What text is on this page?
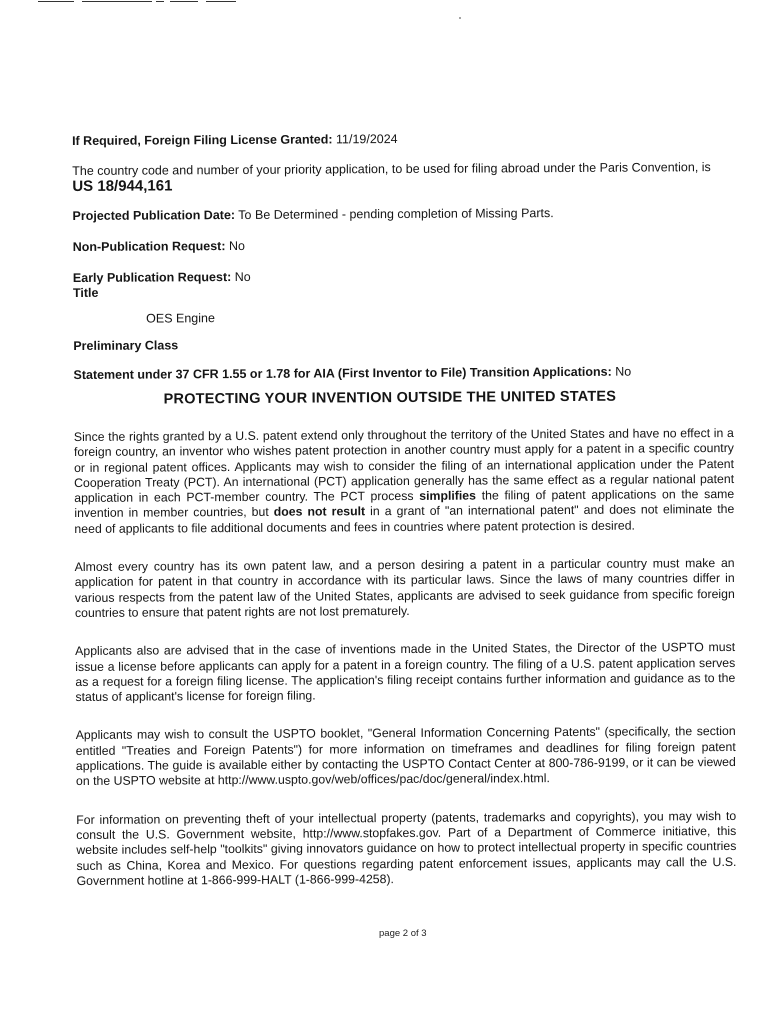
If Required, Foreign Filing License Granted: 11/19/2024

The country code and number of your priority application, to be used for filing abroad under the Paris Convention, is US 18/944,161

Projected Publication Date: To Be Determined - pending completion of Missing Parts.

Non-Publication Request: No

Early Publication Request: No

Title

OES Engine

Preliminary Class

Statement under 37 CFR 1.55 or 1.78 for AIA (First Inventor to File) Transition Applications: No

PROTECTING YOUR INVENTION OUTSIDE THE UNITED STATES

Since the rights granted by a U.S. patent extend only throughout the territory of the United States and have no effect in a foreign country, an inventor who wishes patent protection in another country must apply for a patent in a specific country or in regional patent offices. Applicants may wish to consider the filing of an international application under the Patent Cooperation Treaty (PCT). An international (PCT) application generally has the same effect as a regular national patent application in each PCT-member country. The PCT process simplifies the filing of patent applications on the same invention in member countries, but does not result in a grant of "an international patent" and does not eliminate the need of applicants to file additional documents and fees in countries where patent protection is desired.

Almost every country has its own patent law, and a person desiring a patent in a particular country must make an application for patent in that country in accordance with its particular laws. Since the laws of many countries differ in various respects from the patent law of the United States, applicants are advised to seek guidance from specific foreign countries to ensure that patent rights are not lost prematurely.

Applicants also are advised that in the case of inventions made in the United States, the Director of the USPTO must issue a license before applicants can apply for a patent in a foreign country. The filing of a U.S. patent application serves as a request for a foreign filing license. The application's filing receipt contains further information and guidance as to the status of applicant's license for foreign filing.

Applicants may wish to consult the USPTO booklet, "General Information Concerning Patents" (specifically, the section entitled "Treaties and Foreign Patents") for more information on timeframes and deadlines for filing foreign patent applications. The guide is available either by contacting the USPTO Contact Center at 800-786-9199, or it can be viewed on the USPTO website at http://www.uspto.gov/web/offices/pac/doc/general/index.html.

For information on preventing theft of your intellectual property (patents, trademarks and copyrights), you may wish to consult the U.S. Government website, http://www.stopfakes.gov. Part of a Department of Commerce initiative, this website includes self-help "toolkits" giving innovators guidance on how to protect intellectual property in specific countries such as China, Korea and Mexico. For questions regarding patent enforcement issues, applicants may call the U.S. Government hotline at 1-866-999-HALT (1-866-999-4258).

page 2 of 3
